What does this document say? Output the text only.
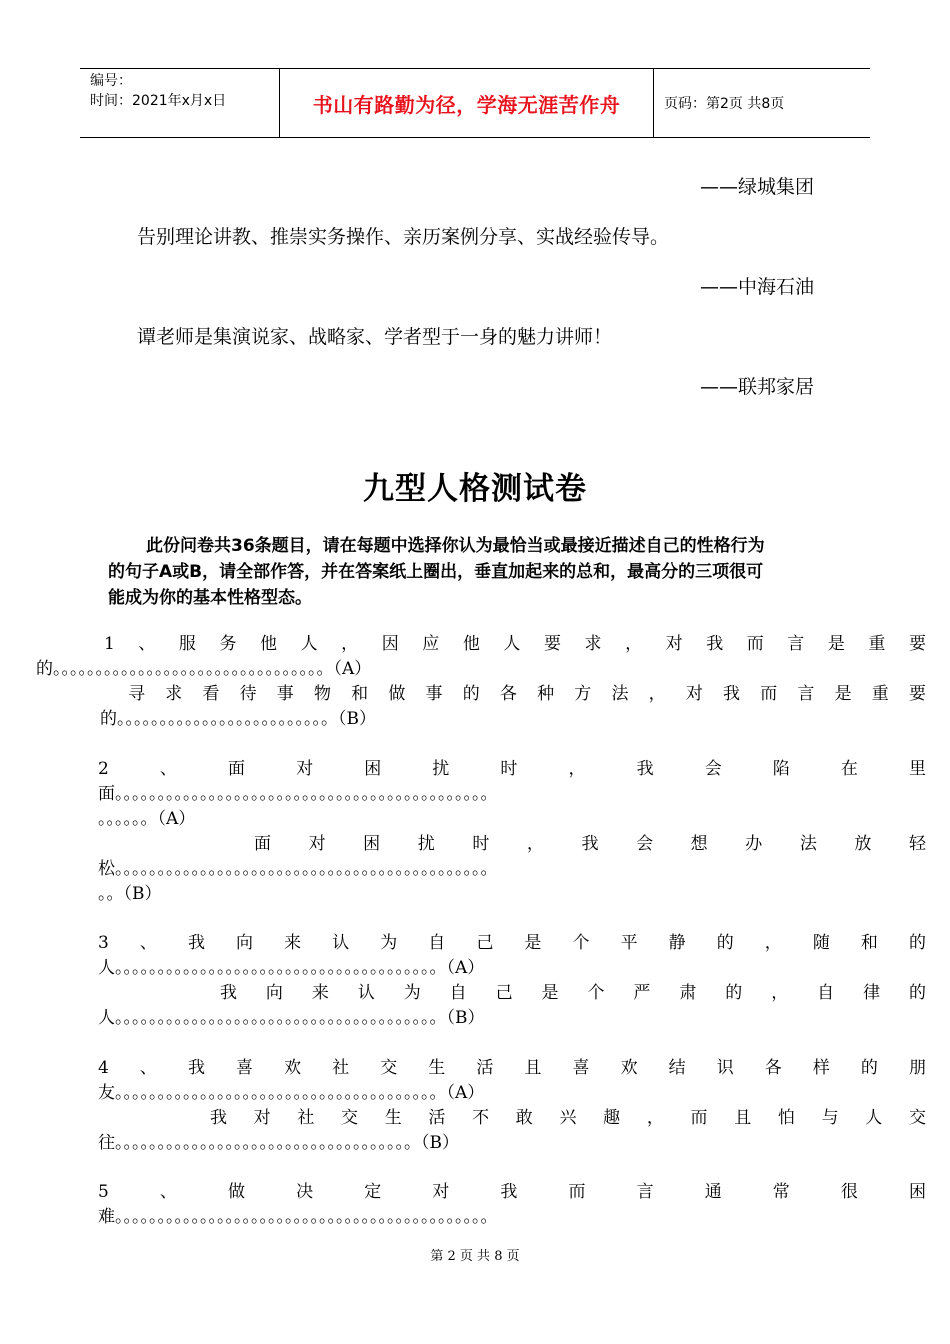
编号：
时间：2021年x月x日	书山有路勤为径，学海无涯苦作舟	页码：第2页 共8页
——绿城集团
告别理论讲教、推崇实务操作、亲历案例分享、实战经验传导。
——中海石油
谭老师是集演说家、战略家、学者型于一身的魅力讲师！
——联邦家居
九型人格测试卷
此份问卷共36条题目，请在每题中选择你认为最恰当或最接近描述自己的性格行为
的句子A或B，请全部作答，并在答案纸上圈出，垂直加起来的总和，最高分的三项很可
能成为你的基本性格型态。
1、服务他人，因应他人要求，对我而言是重要
的。。。。。。。。。。。。。。。。。。。。。。。。。。。。。。。。（A）
寻求看待事物和做事的各种方法，对我而言是重要
的。。。。。。。。。。。。。。。。。。。。。。。。。（B）
2、面对困扰时，我会陷在里
面。。。。。。。。。。。。。。。。。。。。。。。。。。。。。。。。。。。。。。。。。。。。
。。。。。。（A）
面对困扰时，我会想办法放轻
松。。。。。。。。。。。。。。。。。。。。。。。。。。。。。。。。。。。。。。。。。。。。
。。（B）
3、我向来认为自己是个平静的，随和的
人。。。。。。。。。。。。。。。。。。。。。。。。。。。。。。。。。。。。。。（A）
我向来认为自己是个严肃的，自律的
人。。。。。。。。。。。。。。。。。。。。。。。。。。。。。。。。。。。。。。（B）
4、我喜欢社交生活且喜欢结识各样的朋
友。。。。。。。。。。。。。。。。。。。。。。。。。。。。。。。。。。。。。。（A）
我对社交生活不敢兴趣，而且怕与人交
往。。。。。。。。。。。。。。。。。。。。。。。。。。。。。。。。。。。（B）
5、做决定对我而言通常很困
难。。。。。。。。。。。。。。。。。。。。。。。。。。。。。。。。。。。。。。。。。。。。
第 2 页 共 8 页
